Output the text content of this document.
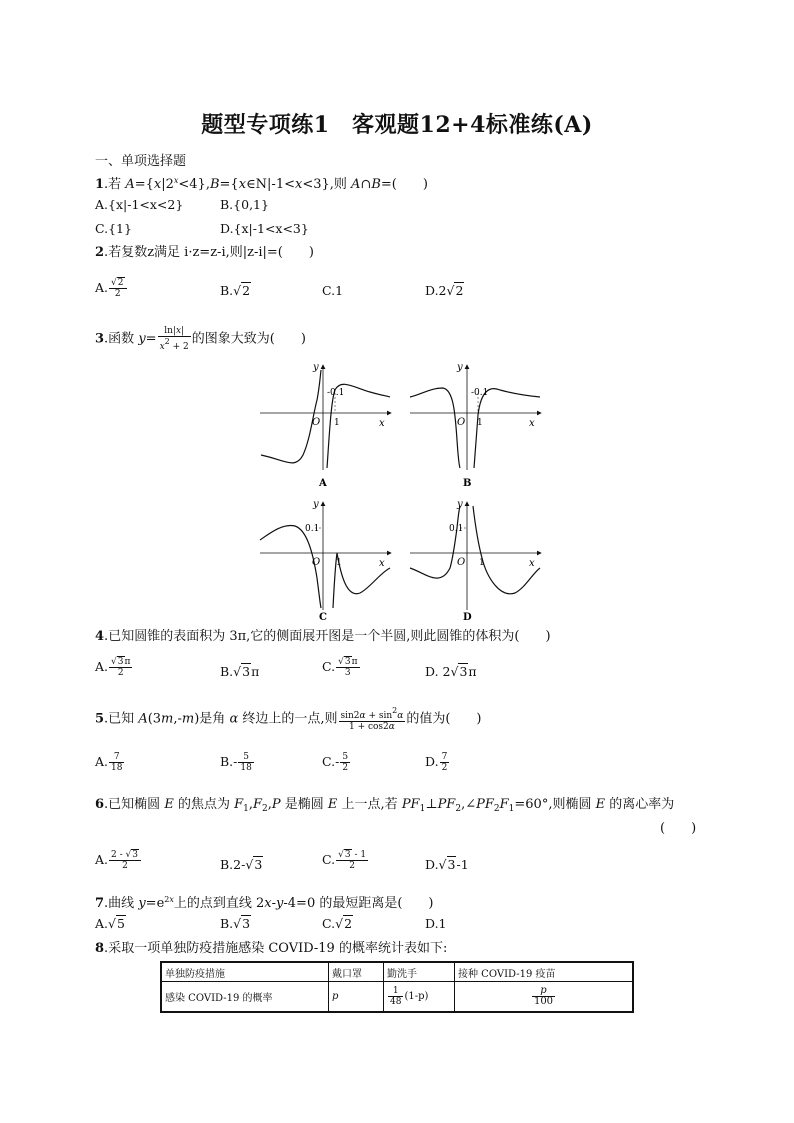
题型专项练1　客观题12+4标准练(A)
一、单项选择题
1.若 $A=\{x|2^x<4\},B=\{x\in N|-1<x<3\}$,则 A∩B=(　　)
A.{x|-1<x<2}	B.{0,1}
C.{1}	D.{x|-1<x<3}
2.若复数z满足 i·z=z-i,则|z-i|=(　　)
A. $\frac{√2}{2}$	B.√2	C.1	D.2√2
3.函数 $y= \frac{\ln|x|}{x2 + 2}$ 的图象大致为(　　)
y
x
O 1
-0.1
A
y
x
O 1
-0.1
B
y
x
O 1
0.1
C
y
x
O 1
0.1
D
4.已知圆锥的表面积为 3π,它的侧面展开图是一个半圆,则此圆锥的体积为(　　)
A. $\frac{√3\pi}{2}$	B.√3π	C. $\frac{√3\pi}{3}$	D. 2√3π
5.已知 A(3m,-m)是角 α 终边上的一点,则 $\frac{\sin 2\alpha + \sin 2\alpha}{1 + \cos 2\alpha}$ 的值为(　　)
A. $\frac{7}{18}$	$B.- \frac{5}{18}$	$C.- \frac{5}{2}$	D. $\frac{7}{2}$
6.已知椭圆 E 的焦点为 $F_1,F_2,P$ 是椭圆 E 上一点,若 $PF_1\perp PF_2,\angle PF_2F_1=60^\circ$,则椭圆 E 的离心率为
(　　)
A. $\frac{2 - √3}{2}$	B.2-√3	C. $\frac{√3 - 1}{2}$	D.√3-1
7.曲线 $y=e^{2x}$上的点到直线 2x-y-4=0 的最短距离是(　　)
A.√5	B.√3	C.√2	D.1
8.采取一项单独防疫措施感染 COVID-19 的概率统计表如下:
单独防疫措施	戴口罩	勤洗手	接种 COVID-19 疫苗
感染 COVID-19 的概率	p	$\frac{1}{48} (1-p)$	$\frac{p}{100}$
